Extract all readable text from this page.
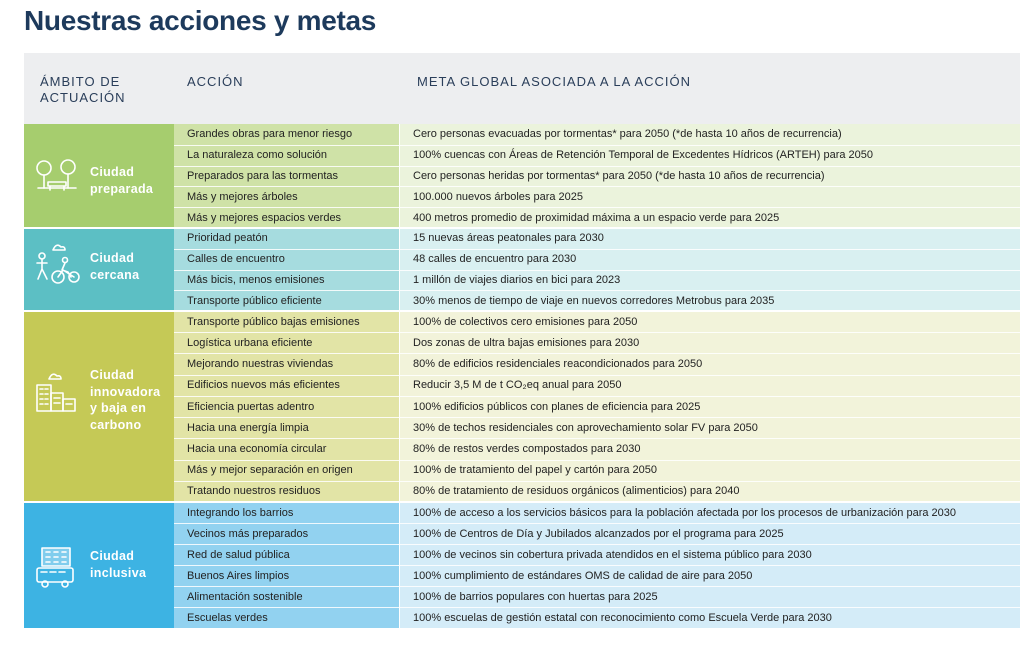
Nuestras acciones y metas
ÁMBITO DE
ACTUACIÓN
ACCIÓN	META GLOBAL ASOCIADA A LA ACCIÓN
Ciudad
preparada
Grandes obras para menor riesgo	Cero personas evacuadas por tormentas* para 2050 (*de hasta 10 años de recurrencia)
La naturaleza como solución	100% cuencas con Áreas de Retención Temporal de Excedentes Hídricos (ARTEH) para 2050
Preparados para las tormentas	Cero personas heridas por tormentas* para 2050 (*de hasta 10 años de recurrencia)
Más y mejores árboles	100.000 nuevos árboles para 2025
Más y mejores espacios verdes	400 metros promedio de proximidad máxima a un espacio verde para 2025
Ciudad
cercana
Prioridad peatón	15 nuevas áreas peatonales para 2030
Calles de encuentro	48 calles de encuentro para 2030
Más bicis, menos emisiones	1 millón de viajes diarios en bici para 2023
Transporte público eficiente	30% menos de tiempo de viaje en nuevos corredores Metrobus para 2035
Ciudad
innovadora
y baja en
carbono
Transporte público bajas emisiones	100% de colectivos cero emisiones para 2050
Logística urbana eficiente	Dos zonas de ultra bajas emisiones para 2030
Mejorando nuestras viviendas	80% de edificios residenciales reacondicionados para 2050
Edificios nuevos más eficientes	Reducir 3,5 M de t CO₂eq anual para 2050
Eficiencia puertas adentro	100% edificios públicos con planes de eficiencia para 2025
Hacia una energía limpia	30% de techos residenciales con aprovechamiento solar FV para 2050
Hacia una economía circular	80% de restos verdes compostados para 2030
Más y mejor separación en origen	100% de tratamiento del papel y cartón para 2050
Tratando nuestros residuos	80% de tratamiento de residuos orgánicos (alimenticios) para 2040
Ciudad
inclusiva
Integrando los barrios	100% de acceso a los servicios básicos para la población afectada por los procesos de urbanización para 2030
Vecinos más preparados	100% de Centros de Día y Jubilados alcanzados por el programa para 2025
Red de salud pública	100% de vecinos sin cobertura privada atendidos en el sistema público para 2030
Buenos Aires limpios	100% cumplimiento de estándares OMS de calidad de aire para 2050
Alimentación sostenible	100% de barrios populares con huertas para 2025
Escuelas verdes	100% escuelas de gestión estatal con reconocimiento como Escuela Verde para 2030
